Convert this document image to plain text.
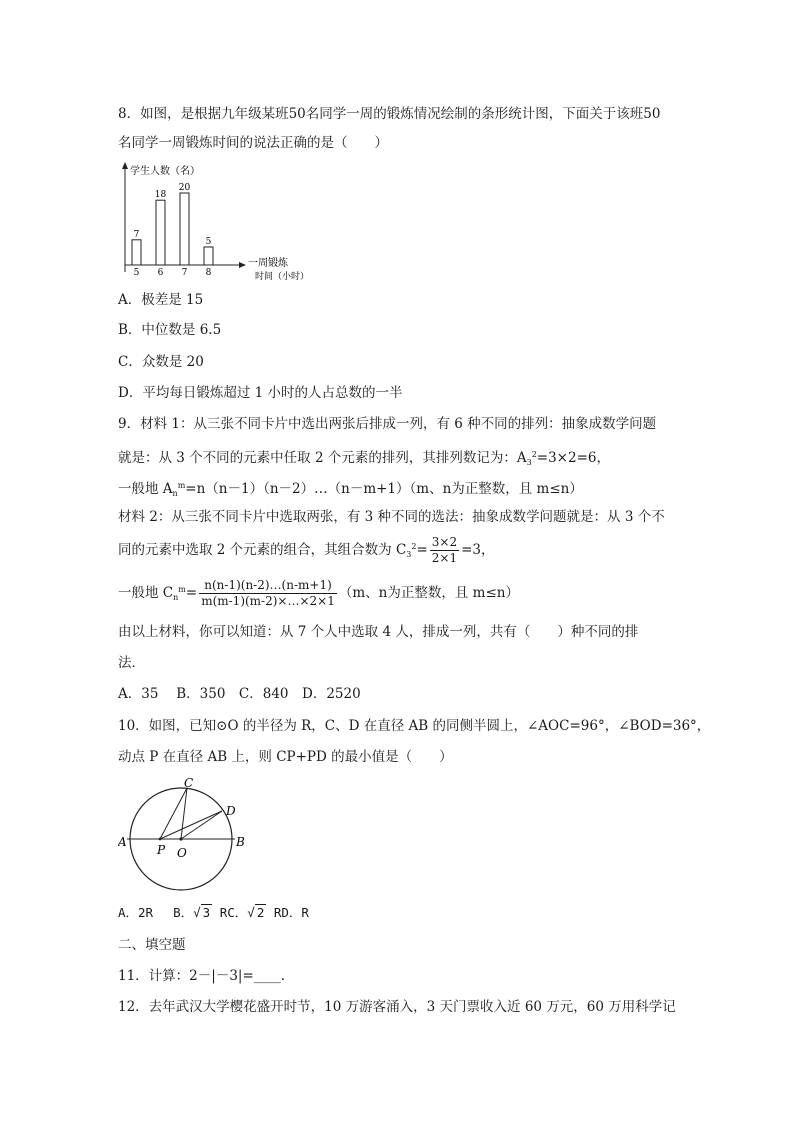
8．如图，是根据九年级某班50名同学一周的锻炼情况绘制的条形统计图，下面关于该班50
名同学一周锻炼时间的说法正确的是（　　）
学生人数（名）
一周锻炼
时间（小时）
7
5
18
6
20
7
5
8
A．极差是 15
B．中位数是 6.5
C．众数是 20
D．平均每日锻炼超过 1 小时的人占总数的一半
9．材料 1：从三张不同卡片中选出两张后排成一列，有 6 种不同的排列：抽象成数学问题
就是：从 3 个不同的元素中任取 2 个元素的排列，其排列数记为：$A_3^2=3\times 2=6$，
一般地 $A_n^m=n(n-1)(n-2)\dots(n-m+1)(m$、n为正整数，且 m≤n）
材料 2：从三张不同卡片中选取两张，有 3 种不同的选法：抽象成数学问题就是：从 3 个不
同的元素中选取 2 个元素的组合，其组合数为 $C_3^2= \frac{3\times 2}{2\times 1} =3$，
一般地 $C_n^m= \frac{n(n-1)(n-2)\dots(n-m+1)}{m(m-1)(m-2)\times\dots\times 2\times 1} (m$、n为正整数，且 m≤n）
由以上材料，你可以知道：从 7 个人中选取 4 人，排成一列，共有（　　）种不同的排
法．
A．35　 B．350　C．840　D．2520
10．如图，已知⊙O 的半径为 R，C、D 在直径 AB 的同侧半圆上，∠AOC=96°，∠BOD=36°，
动点 P 在直径 AB 上，则 CP+PD 的最小值是（　　）
A	B
C
D
O
P
A．2R　 B．√ 3 RC．√ 2 RD．R
二、填空题
11．计算：2－|－3|=____．
12．去年武汉大学樱花盛开时节，10 万游客涌入，3 天门票收入近 60 万元，60 万用科学记
